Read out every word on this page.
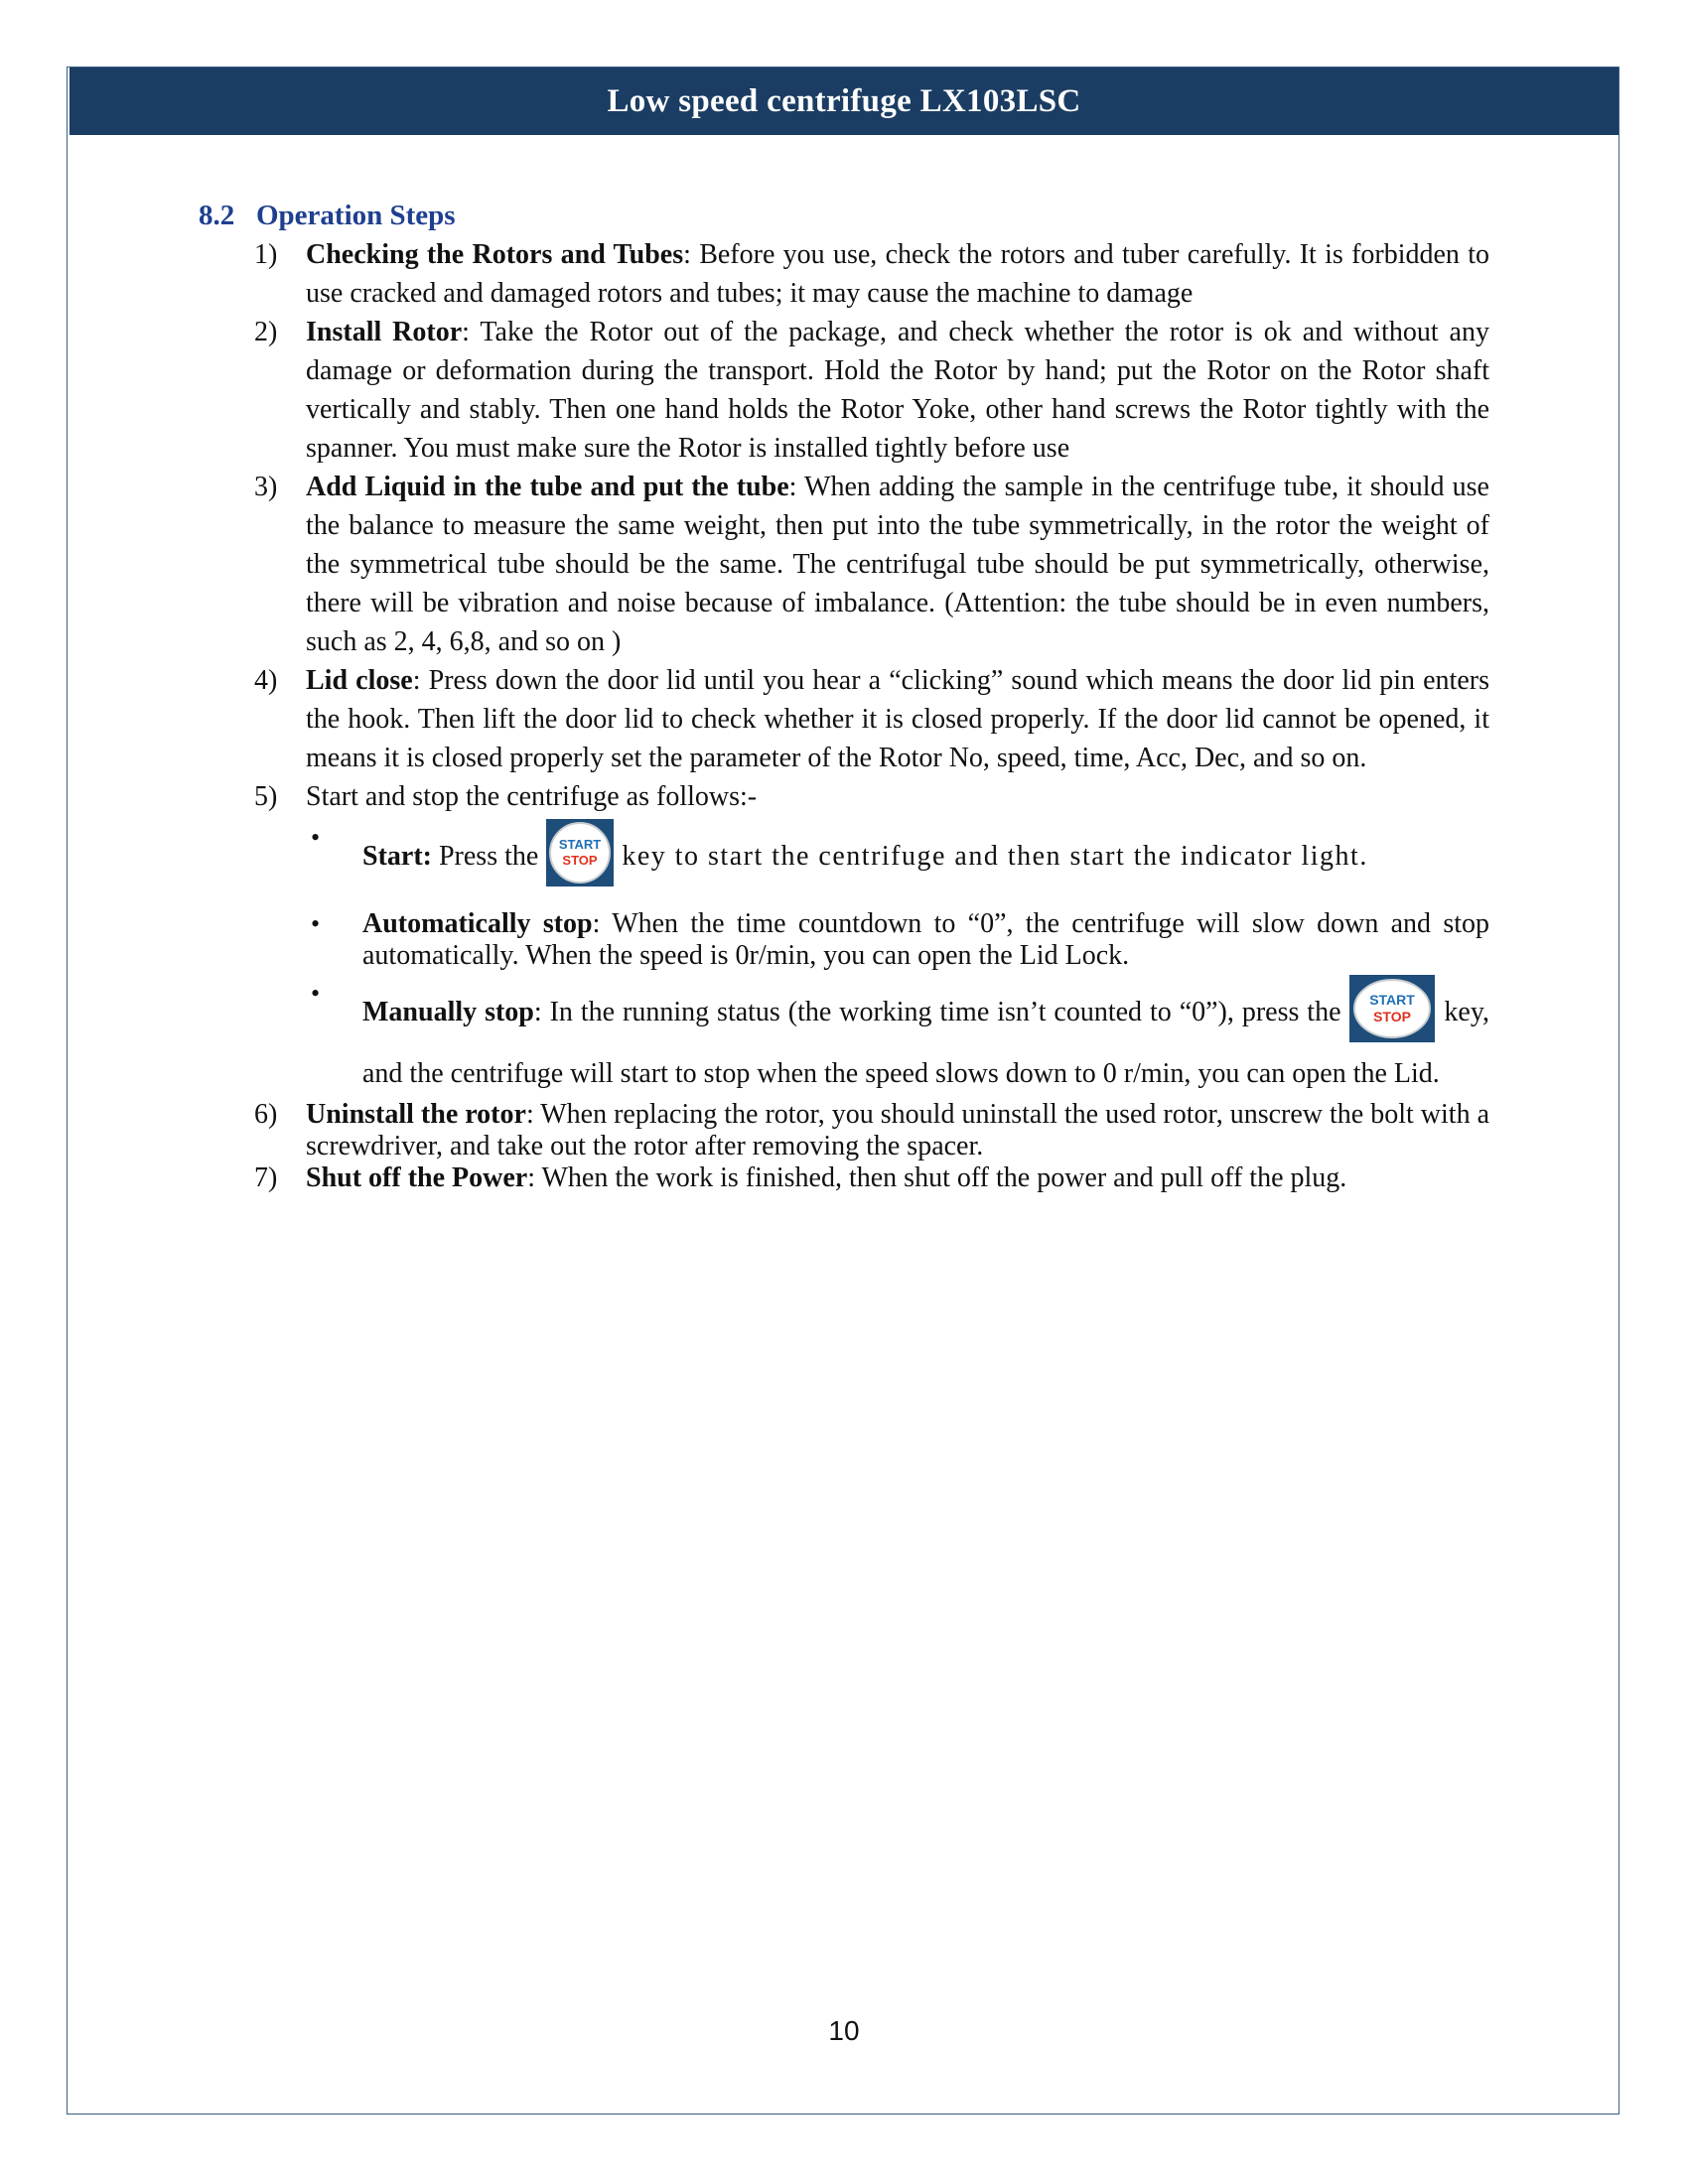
Low speed centrifuge LX103LSC
8.2 Operation Steps
1) Checking the Rotors and Tubes: Before you use, check the rotors and tuber carefully. It is forbidden to use cracked and damaged rotors and tubes; it may cause the machine to damage
2) Install Rotor: Take the Rotor out of the package, and check whether the rotor is ok and without any damage or deformation during the transport. Hold the Rotor by hand; put the Rotor on the Rotor shaft vertically and stably. Then one hand holds the Rotor Yoke, other hand screws the Rotor tightly with the spanner. You must make sure the Rotor is installed tightly before use
3) Add Liquid in the tube and put the tube: When adding the sample in the centrifuge tube, it should use the balance to measure the same weight, then put into the tube symmetrically, in the rotor the weight of the symmetrical tube should be the same. The centrifugal tube should be put symmetrically, otherwise, there will be vibration and noise because of imbalance. (Attention: the tube should be in even numbers, such as 2, 4, 6,8, and so on )
4) Lid close: Press down the door lid until you hear a “clicking” sound which means the door lid pin enters the hook. Then lift the door lid to check whether it is closed properly. If the door lid cannot be opened, it means it is closed properly set the parameter of the Rotor No, speed, time, Acc, Dec, and so on.
5) Start and stop the centrifuge as follows:-
•
Start: Press the START
STOP key to start the centrifuge and then start the indicator light.
• Automatically stop: When the time countdown to “0”, the centrifuge will slow down and stop automatically. When the speed is 0r/min, you can open the Lid Lock.
•
Manually stop: In the running status (the working time isn’t counted to “0”), press the START
STOP key, and the centrifuge will start to stop when the speed slows down to 0 r/min, you can open the Lid.
6) Uninstall the rotor: When replacing the rotor, you should uninstall the used rotor, unscrew the bolt with a screwdriver, and take out the rotor after removing the spacer.
7) Shut off the Power: When the work is finished, then shut off the power and pull off the plug.
10
